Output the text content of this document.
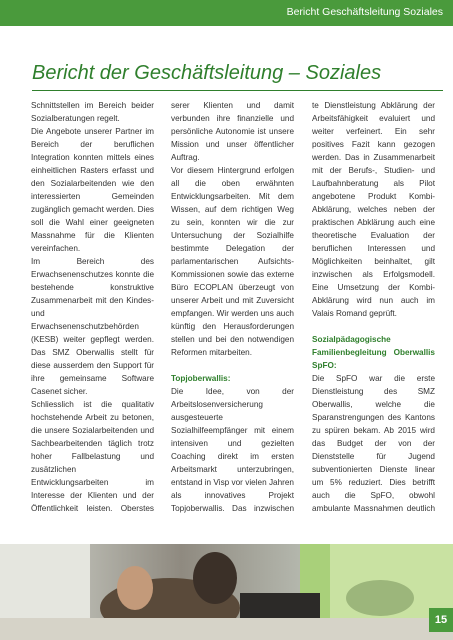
Bericht Geschäftsleitung Soziales
Bericht der Geschäftsleitung – Soziales

Schnittstellen im Bereich beider Sozialberatungen regelt.

Die Angebote unserer Partner im Bereich der beruflichen Integration konnten mittels eines einheitlichen Rasters erfasst und den Sozialarbeitenden wie den interessierten Gemeinden zugänglich gemacht werden. Dies soll die Wahl einer geeigneten Massnahme für die Klienten vereinfachen.

Im Bereich des Erwachsenenschutzes konnte die bestehende konstruktive Zusammenarbeit mit den Kindes- und Erwachsenenschutzbehörden (KESB) weiter gepflegt werden. Das SMZ Oberwallis stellt für diese ausserdem den Support für ihre gemeinsame Software Casenet sicher.

Schliesslich ist die qualitativ hochstehende Arbeit zu betonen, die unsere Sozialarbeitenden und Sachbearbeitenden täglich trotz hoher Fallbelastung und zusätzlichen Entwicklungsarbeiten im Interesse der Klienten und der Öffentlichkeit leisten. Oberstes

serer Klienten und damit verbunden ihre finanzielle und persönliche Autonomie ist unsere Mission und unser öffentlicher Auftrag.

Vor diesem Hintergrund erfolgen all die oben erwähnten Entwicklungsarbeiten. Mit dem Wissen, auf dem richtigen Weg zu sein, konnten wir die zur Untersuchung der Sozialhilfe bestimmte Delegation der parlamentarischen Aufsichts-Kommissionen sowie das externe Büro ECOPLAN überzeugt von unserer Arbeit und mit Zuversicht empfangen. Wir werden uns auch künftig den Herausforderungen stellen und bei den notwendigen Reformen mitarbeiten.

Topjoberwallis:

Die Idee, von der Arbeitslosenversicherung ausgesteuerte Sozialhilfeempfänger mit einem intensiven und gezielten Coaching direkt im ersten Arbeitsmarkt unterzubringen, entstand in Visp vor vielen Jahren als innovatives Projekt Topjoberwallis. Das inzwischen

te Dienstleistung Abklärung der Arbeitsfähigkeit evaluiert und weiter verfeinert. Ein sehr positives Fazit kann gezogen werden. Das in Zusammenarbeit mit der Berufs-, Studien- und Laufbahnberatung als Pilot angebotene Produkt Kombi-Abklärung, welches neben der praktischen Abklärung auch eine theoretische Evaluation der beruflichen Interessen und Möglichkeiten beinhaltet, gilt inzwischen als Erfolgsmodell. Eine Umsetzung der Kombi-Abklärung wird nun auch im Valais Romand geprüft.

Sozialpädagogische Familienbegleitung Oberwallis SpFO:

Die SpFO war die erste Dienstleistung des SMZ Oberwallis, welche die Sparanstrengungen des Kantons zu spüren bekam. Ab 2015 wird das Budget der von der Dienststelle für Jugend subventionierten Dienste linear um 5% reduziert. Dies betrifft auch die SpFO, obwohl ambulante Massnahmen deutlich

15
